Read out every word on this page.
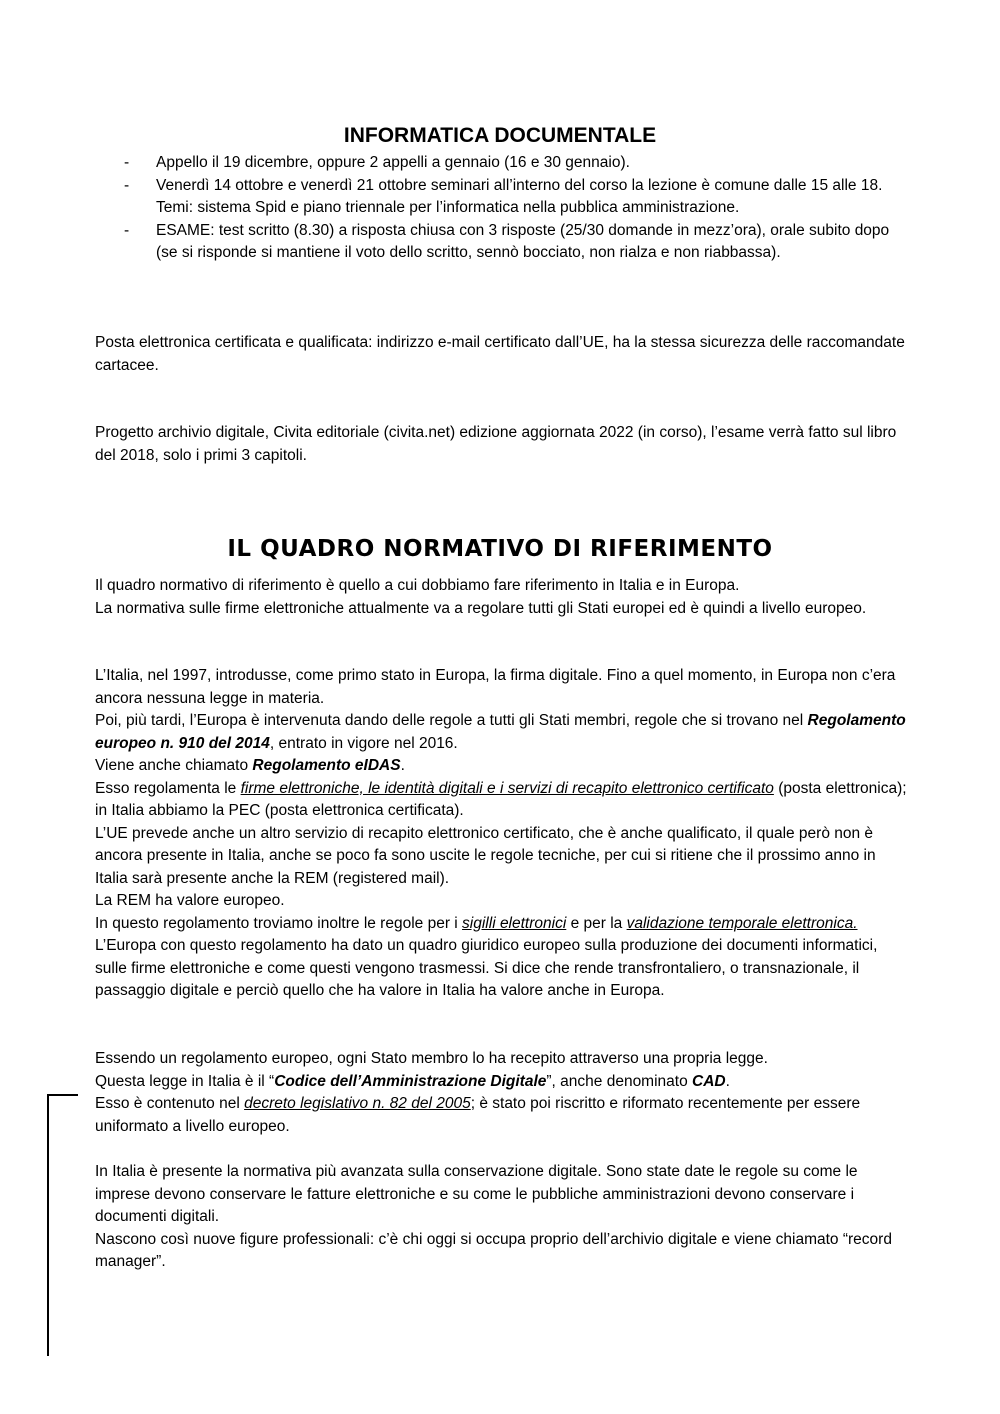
INFORMATICA DOCUMENTALE
- Appello il 19 dicembre, oppure 2 appelli a gennaio (16 e 30 gennaio).
- Venerdì 14 ottobre e venerdì 21 ottobre seminari all’interno del corso la lezione è comune dalle 15 alle 18. Temi: sistema Spid e piano triennale per l’informatica nella pubblica amministrazione.
- ESAME: test scritto (8.30) a risposta chiusa con 3 risposte (25/30 domande in mezz’ora), orale subito dopo (se si risponde si mantiene il voto dello scritto, sennò bocciato, non rialza e non riabbassa).

Posta elettronica certificata e qualificata: indirizzo e-mail certificato dall’UE, ha la stessa sicurezza delle raccomandate cartacee.

Progetto archivio digitale, Civita editoriale (civita.net) edizione aggiornata 2022 (in corso), l’esame verrà fatto sul libro del 2018, solo i primi 3 capitoli.

IL QUADRO NORMATIVO DI RIFERIMENTO
Il quadro normativo di riferimento è quello a cui dobbiamo fare riferimento in Italia e in Europa.
La normativa sulle firme elettroniche attualmente va a regolare tutti gli Stati europei ed è quindi a livello europeo.
L’Italia, nel 1997, introdusse, come primo stato in Europa, la firma digitale. Fino a quel momento, in Europa non c’era ancora nessuna legge in materia.
Poi, più tardi, l’Europa è intervenuta dando delle regole a tutti gli Stati membri, regole che si trovano nel Regolamento europeo n. 910 del 2014, entrato in vigore nel 2016.
Viene anche chiamato Regolamento eIDAS.
Esso regolamenta le firme elettroniche, le identità digitali e i servizi di recapito elettronico certificato (posta elettronica); in Italia abbiamo la PEC (posta elettronica certificata).
L’UE prevede anche un altro servizio di recapito elettronico certificato, che è anche qualificato, il quale però non è ancora presente in Italia, anche se poco fa sono uscite le regole tecniche, per cui si ritiene che il prossimo anno in Italia sarà presente anche la REM (registered mail).
La REM ha valore europeo.
In questo regolamento troviamo inoltre le regole per i sigilli elettronici e per la validazione temporale elettronica.
L’Europa con questo regolamento ha dato un quadro giuridico europeo sulla produzione dei documenti informatici, sulle firme elettroniche e come questi vengono trasmessi. Si dice che rende transfrontaliero, o transnazionale, il passaggio digitale e perciò quello che ha valore in Italia ha valore anche in Europa.
Essendo un regolamento europeo, ogni Stato membro lo ha recepito attraverso una propria legge.
Questa legge in Italia è il “Codice dell’Amministrazione Digitale”, anche denominato CAD.
Esso è contenuto nel decreto legislativo n. 82 del 2005; è stato poi riscritto e riformato recentemente per essere uniformato a livello europeo.
In Italia è presente la normativa più avanzata sulla conservazione digitale. Sono state date le regole su come le imprese devono conservare le fatture elettroniche e su come le pubbliche amministrazioni devono conservare i documenti digitali.
Nascono così nuove figure professionali: c’è chi oggi si occupa proprio dell’archivio digitale e viene chiamato “record manager”.
